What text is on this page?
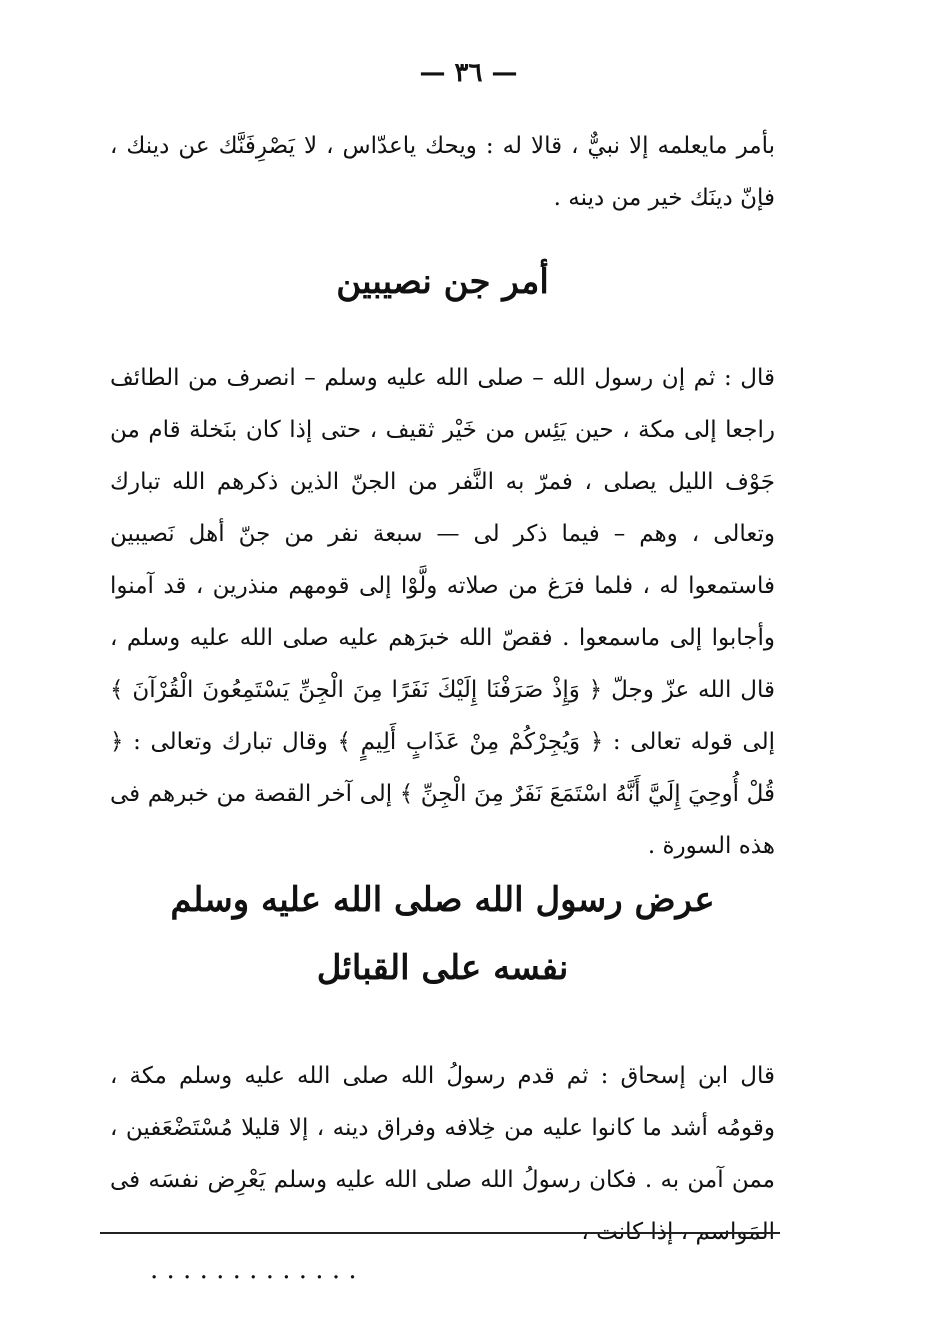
— ٣٦ —

بأمر مايعلمه إلا نبيٌّ ، قالا له : ويحك ياعدّاس ، لا يَصْرِفَنَّك عن دينك ، فإنّ دينَك خير من دينه .

أمر جن نصيبين

قال : ثم إن رسول الله – صلى الله عليه وسلم – انصرف من الطائف راجعا إلى مكة ، حين يَئِس من خَيْر ثقيف ، حتى إذا كان بنَخلة قام من جَوْف الليل يصلى ، فمرّ به النَّفر من الجنّ الذين ذكرهم الله تبارك وتعالى ، وهم – فيما ذكر لى — سبعة نفر من جنّ أهل نَصيبين فاستمعوا له ، فلما فرَغ من صلاته ولَّوْا إلى قومهم منذرين ، قد آمنوا وأجابوا إلى ماسمعوا . فقصّ الله خبرَهم عليه صلى الله عليه وسلم ، قال الله عزّ وجلّ ﴿ وَإِذْ صَرَفْنَا إِلَيْكَ نَفَرًا مِنَ الْجِنِّ يَسْتَمِعُونَ الْقُرْآنَ ﴾ إلى قوله تعالى : ﴿ وَيُجِرْكُمْ مِنْ عَذَابٍ أَلِيمٍ ﴾ وقال تبارك وتعالى : ﴿ قُلْ أُوحِيَ إِلَيَّ أَنَّهُ اسْتَمَعَ نَفَرٌ مِنَ الْجِنِّ ﴾ إلى آخر القصة من خبرهم فى هذه السورة .

عرض رسول الله صلى الله عليه وسلم
نفسه على القبائل

قال ابن إسحاق : ثم قدم رسولُ الله صلى الله عليه وسلم مكة ، وقومُه أشد ما كانوا عليه من خِلافه وفراق دينه ، إلا قليلا مُسْتَضْعَفين ، ممن آمن به . فكان رسولُ الله صلى الله عليه وسلم يَعْرِض نفسَه فى المَواسم ، إذا كانت ،

. . . . . . . . . . . . .
